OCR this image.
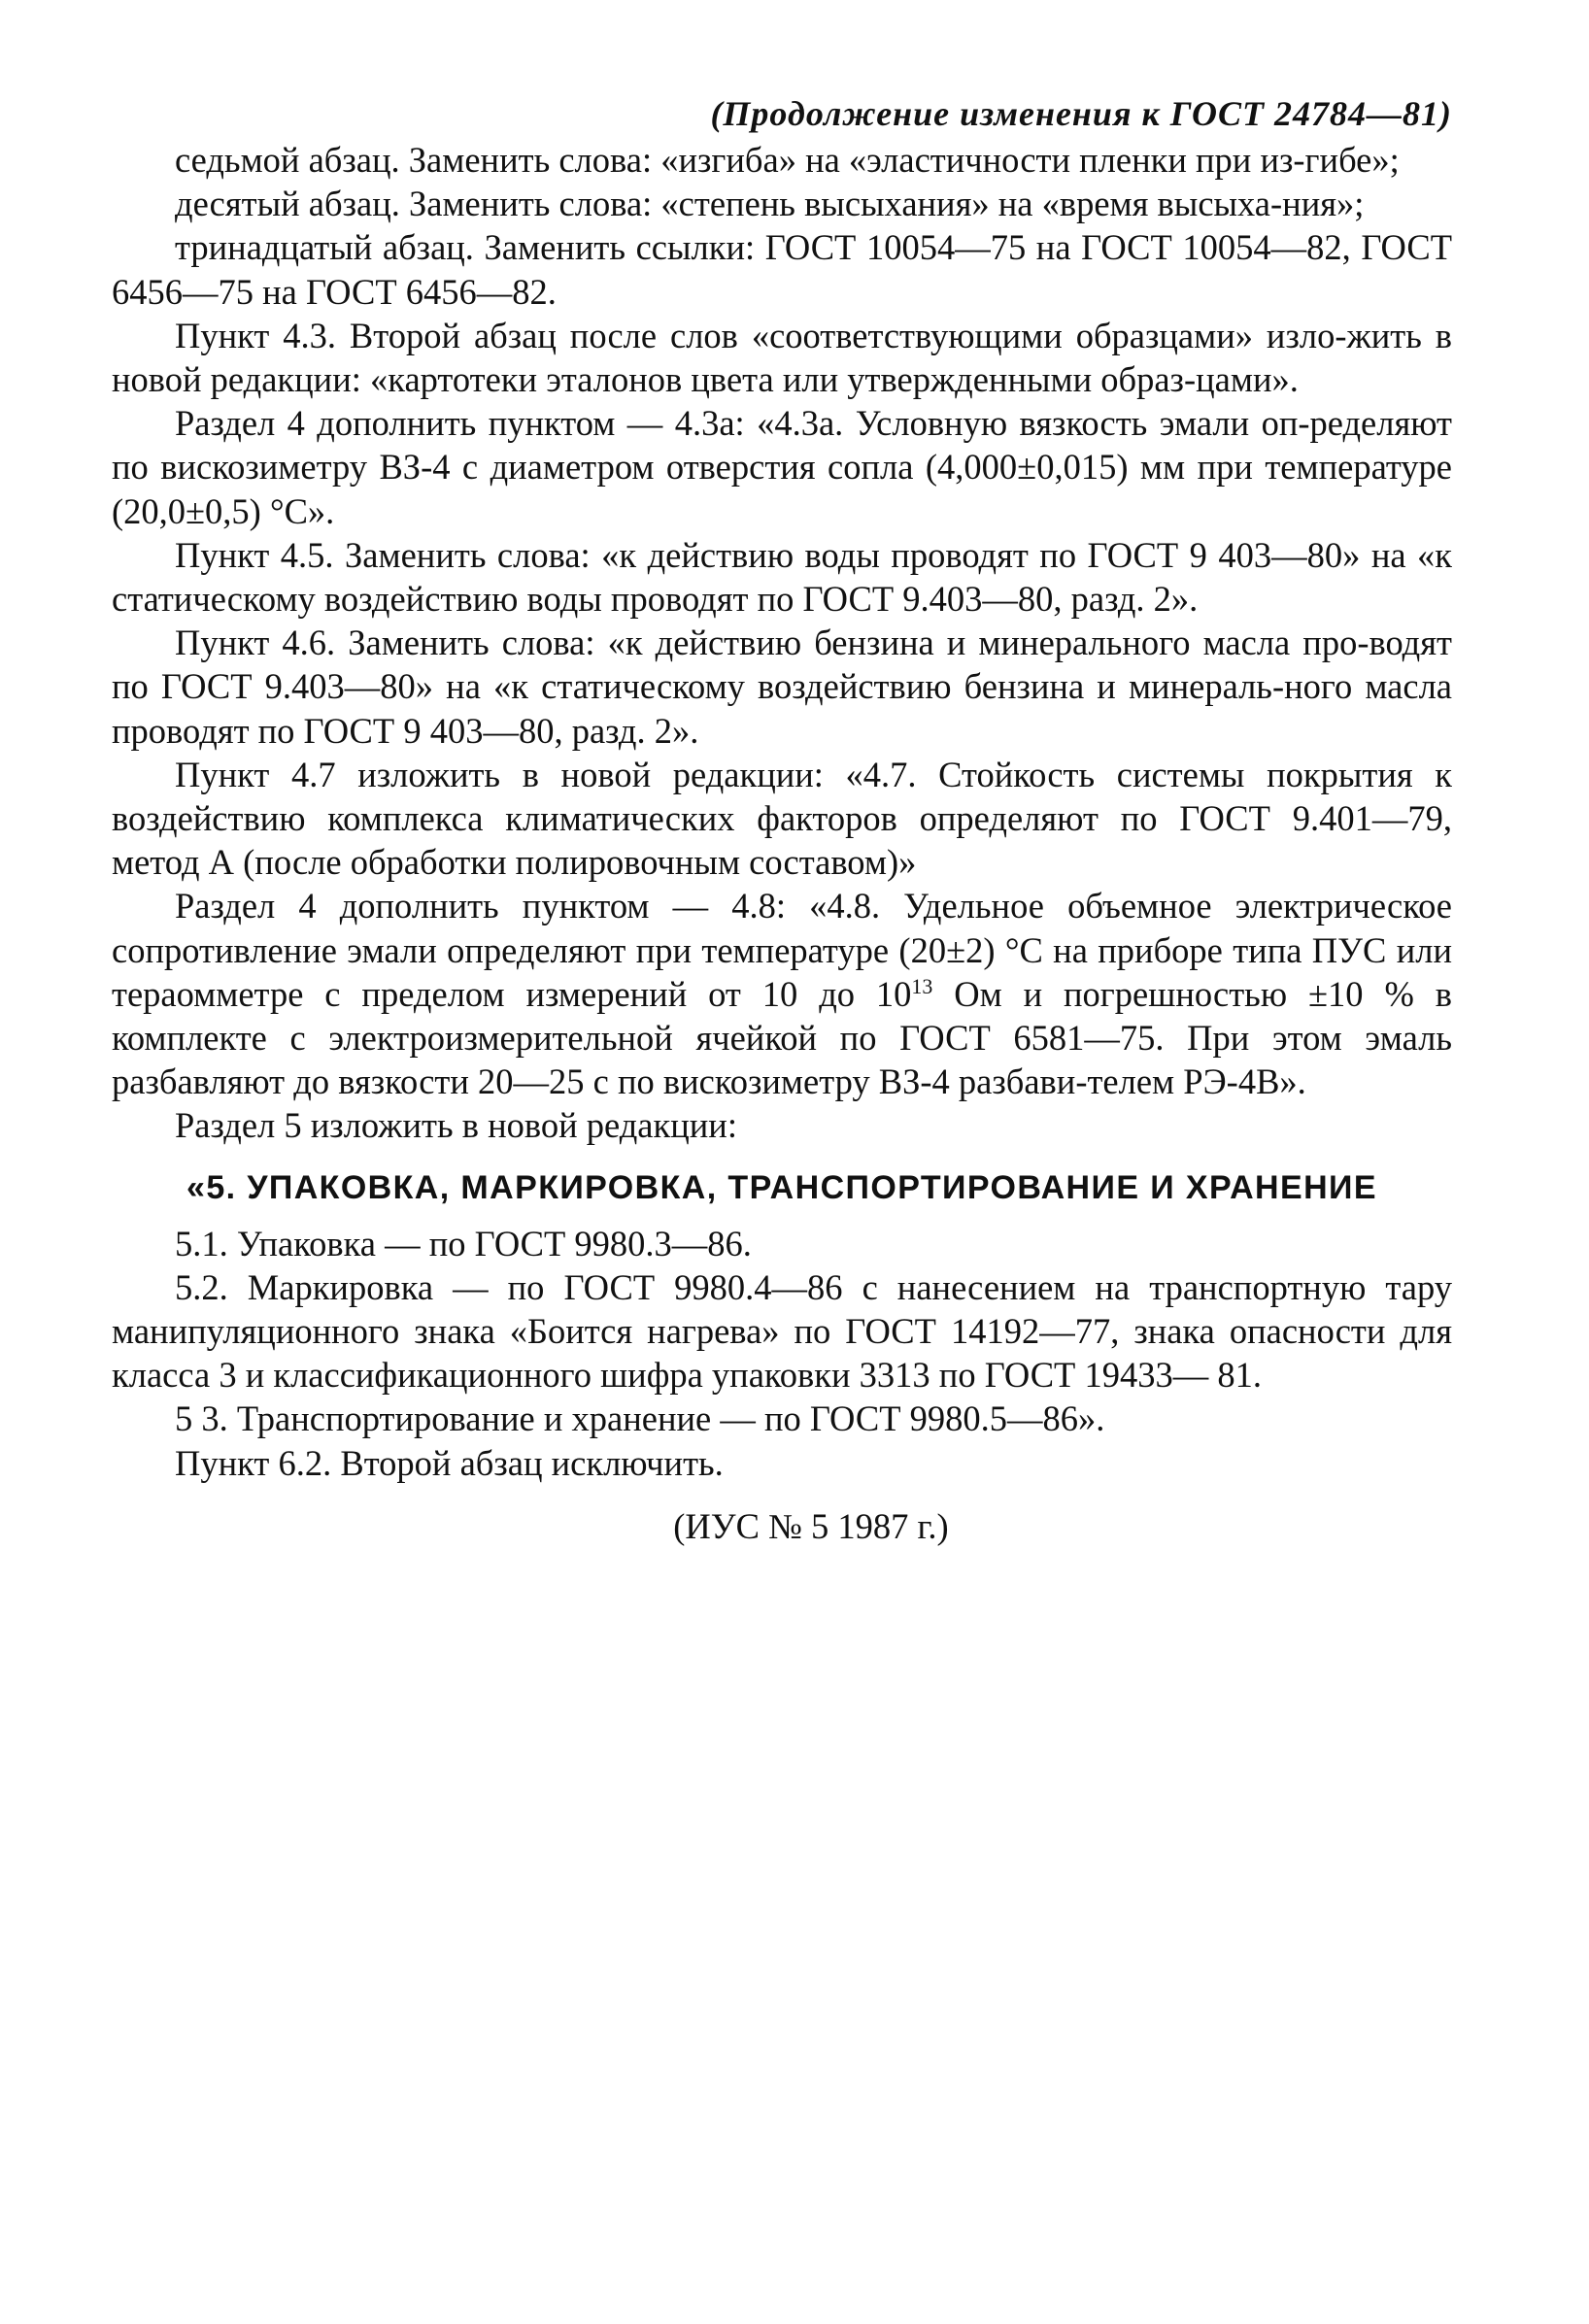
(Продолжение изменения к ГОСТ 24784—81)

седьмой абзац. Заменить слова: «изгиба» на «эластичности пленки при из-гибе»;

десятый абзац. Заменить слова: «степень высыхания» на «время высыха-ния»;

тринадцатый абзац. Заменить ссылки: ГОСТ 10054—75 на ГОСТ 10054—82, ГОСТ 6456—75 на ГОСТ 6456—82.

Пункт 4.3. Второй абзац после слов «соответствующими образцами» изло-жить в новой редакции: «картотеки эталонов цвета или утвержденными образ-цами».

Раздел 4 дополнить пунктом — 4.3а: «4.3а. Условную вязкость эмали оп-ределяют по вискозиметру ВЗ-4 с диаметром отверстия сопла (4,000±0,015) мм при температуре (20,0±0,5) °С».

Пункт 4.5. Заменить слова: «к действию воды проводят по ГОСТ 9 403—80» на «к статическому воздействию воды проводят по ГОСТ 9.403—80, разд. 2».

Пункт 4.6. Заменить слова: «к действию бензина и минерального масла про-водят по ГОСТ 9.403—80» на «к статическому воздействию бензина и минераль-ного масла проводят по ГОСТ 9 403—80, разд. 2».

Пункт 4.7 изложить в новой редакции: «4.7. Стойкость системы покрытия к воздействию комплекса климатических факторов определяют по ГОСТ 9.401—79, метод А (после обработки полировочным составом)»

Раздел 4 дополнить пунктом — 4.8: «4.8. Удельное объемное электрическое сопротивление эмали определяют при температуре (20±2) °С на приборе типа ПУС или тераомметре с пределом измерений от 10 до $10^{13}$ Ом и погрешностью ±10 % в комплекте с электроизмерительной ячейкой по ГОСТ 6581—75. При этом эмаль разбавляют до вязкости 20—25 с по вискозиметру ВЗ-4 разбави-телем РЭ-4В».

Раздел 5 изложить в новой редакции:

«5. УПАКОВКА, МАРКИРОВКА, ТРАНСПОРТИРОВАНИЕ И ХРАНЕНИЕ

5.1. Упаковка — по ГОСТ 9980.3—86.

5.2. Маркировка — по ГОСТ 9980.4—86 с нанесением на транспортную тару манипуляционного знака «Боится нагрева» по ГОСТ 14192—77, знака опасности для класса 3 и классификационного шифра упаковки 3313 по ГОСТ 19433— 81.

5 3. Транспортирование и хранение — по ГОСТ 9980.5—86».

Пункт 6.2. Второй абзац исключить.

(ИУС № 5 1987 г.)
